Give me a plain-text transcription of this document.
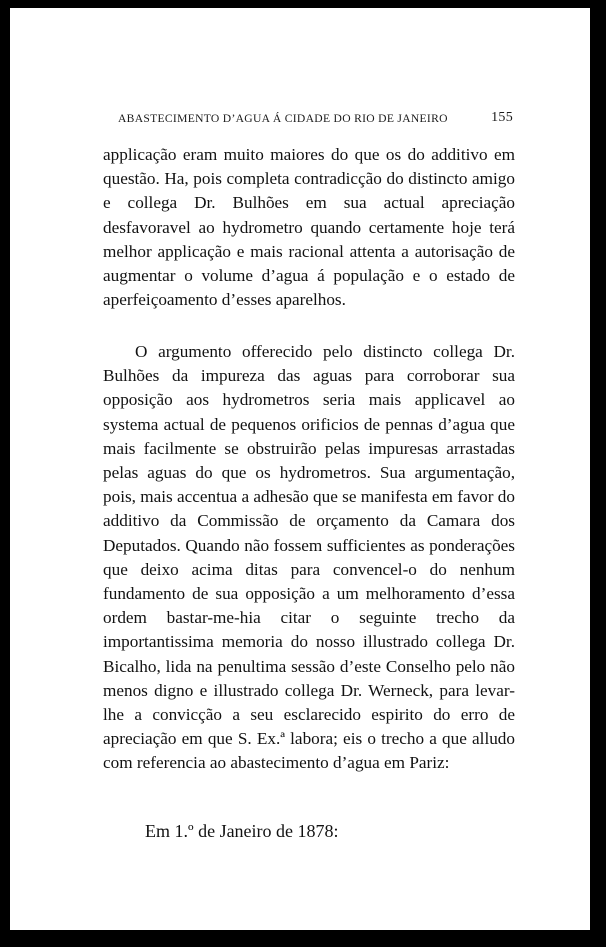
ABASTECIMENTO D’AGUA Á CIDADE DO RIO DE JANEIRO	155

applicação eram muito maiores do que os do additivo em questão. Ha, pois completa contradicção do distincto amigo e collega Dr. Bulhões em sua actual apreciação desfavoravel ao hydrometro quando certamente hoje terá melhor applicação e mais racional attenta a autorisação de augmentar o volume d’agua á população e o estado de aperfeiçoamento d’esses aparelhos.

O argumento offerecido pelo distincto collega Dr. Bulhões da impureza das aguas para corroborar sua opposição aos hydrometros seria mais applicavel ao systema actual de pequenos orificios de pennas d’agua que mais facilmente se obstruirão pelas impuresas arrastadas pelas aguas do que os hydrometros. Sua argumentação, pois, mais accentua a adhesão que se manifesta em favor do additivo da Commissão de orçamento da Camara dos Deputados. Quando não fossem sufficientes as ponderações que deixo acima ditas para convencel-o do nenhum fundamento de sua opposição a um melhoramento d’essa ordem bastar-me-hia citar o seguinte trecho da importantissima memoria do nosso illustrado collega Dr. Bicalho, lida na penultima sessão d’este Conselho pelo não menos digno e illustrado collega Dr. Werneck, para levar-lhe a convicção a seu esclarecido espirito do erro de apreciação em que S. Ex.ª labora; eis o trecho a que alludo com referencia ao abastecimento d’agua em Pariz:

Em 1.º de Janeiro de 1878:
